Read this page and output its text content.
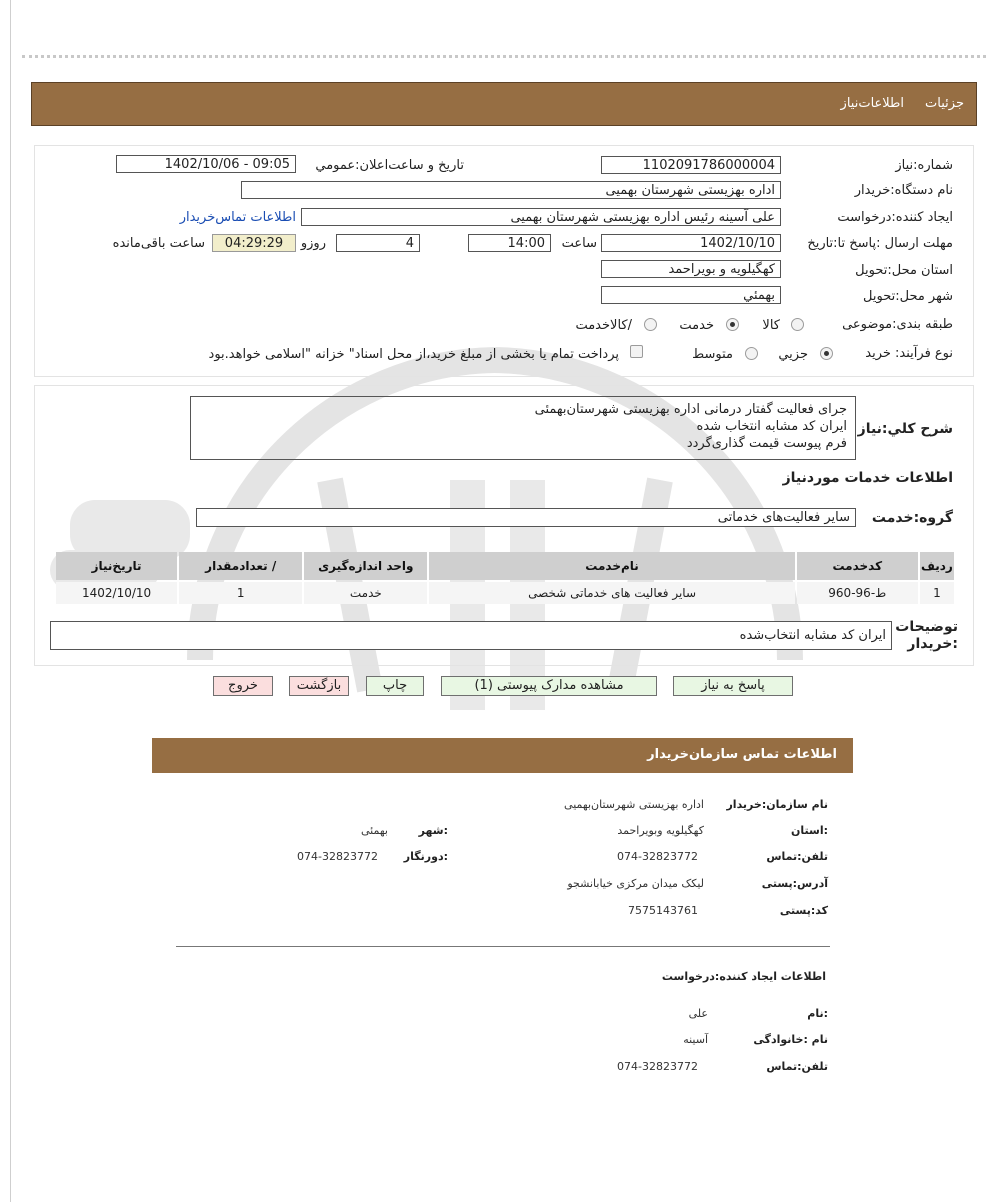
جزئیات
اطلاعات‌نیاز
شماره:نیاز
1102091786000004
تاریخ و ساعت‌اعلان:عمومي
1402/10/06 - 09:05
نام دستگاه:خریدار
اداره بهزیستی شهرستان بهمیی
ایجاد کننده:درخواست
علی آسینه رئیس اداره بهزیستی شهرستان بهمیی
اطلاعات تماس‌خریدار
مهلت ارسال :پاسخ تا:تاریخ
1402/10/10
ساعت
14:00
4
روزو
04:29:29
ساعت باقی‌مانده
استان محل:تحویل
کهگیلویه و بویراحمد
شهر محل:تحویل
بهمئي
طبقه بندی:موضوعی
کالا
خدمت
/کالاخدمت
نوع فرآیند: خرید
جزيي
متوسط
پرداخت تمام یا بخشی از مبلغ خرید،از محل اسناد" خزانه "اسلامی خواهد.بود
شرح کلي:نیاز
جرای فعالیت گفتار درمانی اداره بهزیستی شهرستان‌بهمئی
ایران کد مشابه انتخاب شده
فرم پیوست قیمت گذاری‌گردد
اطلاعات خدمات موردنیاز
گروه:خدمت
سایر فعالیت‌های خدماتی
ردیف	کدخدمت	نام‌خدمت	واحد اندازه‌گیری	/ تعدادمقدار	تاریخ‌نیاز
1	ط-96-960	سایر فعالیت های خدماتی شخصی	خدمت	1	1402/10/10
توضیحات :خریدار
ایران کد مشابه انتخاب‌شده
پاسخ به نیاز
مشاهده مدارک پیوستی (1)
چاپ
بازگشت
خروج
اطلاعات تماس سازمان‌خریدار
نام سازمان:خریدار
اداره بهزیستی شهرستان‌بهمیی
:استان
کهگیلویه وبویراحمد
:شهر
بهمئی
تلفن:تماس
074-32823772
:دورنگار
074-32823772
آدرس:پستی
لیکک میدان مرکزی خیابانشجو
کد:پستی
7575143761
اطلاعات ایجاد کننده:درخواست
:نام
علی
نام :خانوادگی
آسینه
تلفن:تماس
074-32823772
